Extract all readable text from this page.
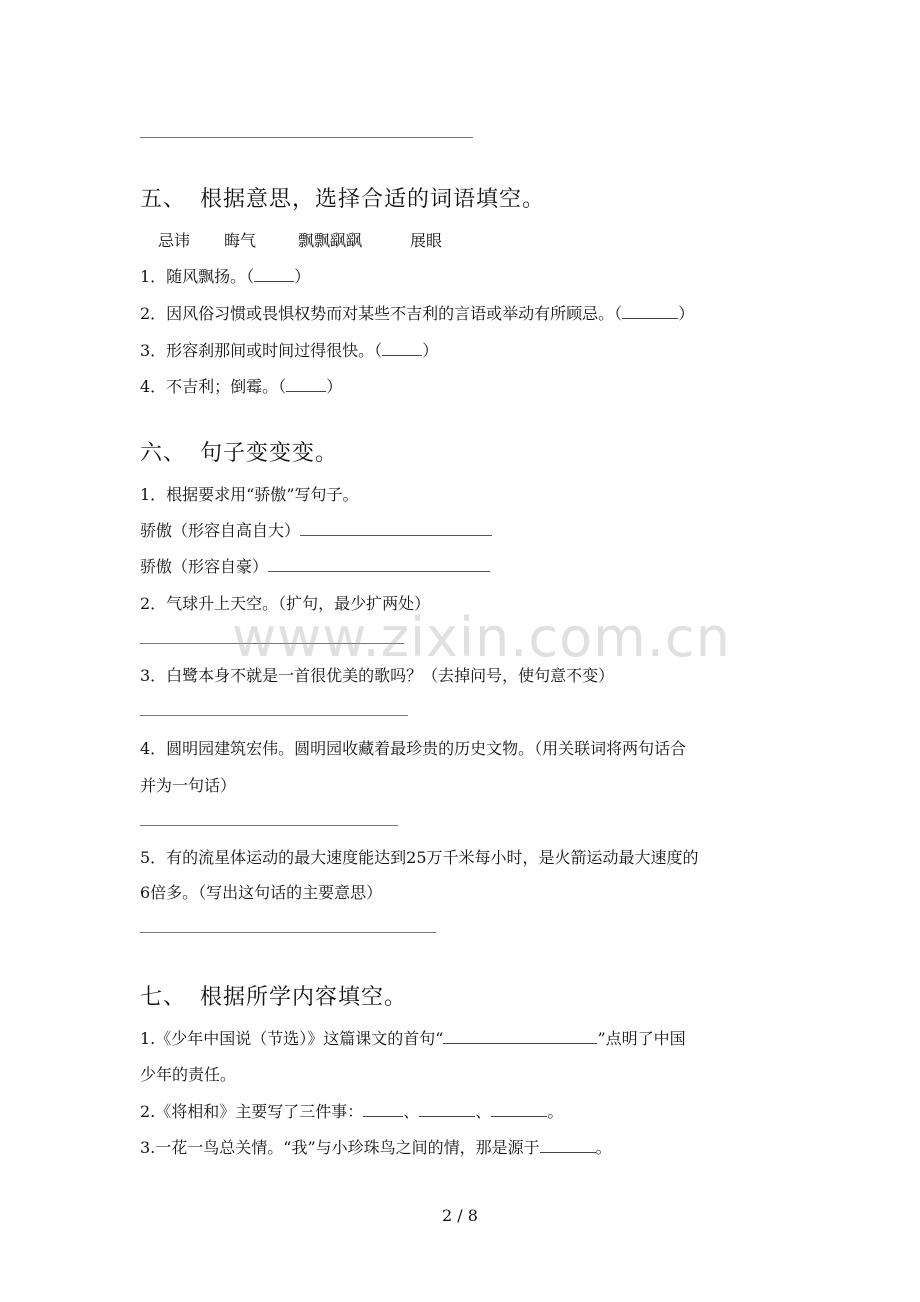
五、 根据意思，选择合适的词语填空。
忌讳 晦气	飘飘飖飖	展眼
1．随风飘扬。（	）
2．因风俗习惯或畏惧权势而对某些不吉利的言语或举动有所顾忌。（	）
3．形容刹那间或时间过得很快。（	）
4．不吉利；倒霉。（	）
六、 句子变变变。
1．根据要求用“骄傲”写句子。
骄傲（形容自高自大）
骄傲（形容自豪）
2．气球升上天空。（扩句，最少扩两处）
3．白鹭本身不就是一首很优美的歌吗？（去掉问号，使句意不变）
4．圆明园建筑宏伟。圆明园收藏着最珍贵的历史文物。（用关联词将两句话合
并为一句话）
5．有的流星体运动的最大速度能达到25万千米每小时，是火箭运动最大速度的
6倍多。（写出这句话的主要意思）
七、 根据所学内容填空。
1.《少年中国说（节选）》这篇课文的首句“	”点明了中国
少年的责任。
2.《将相和》主要写了三件事：	、	、	。
3.一花一鸟总关情。“我”与小珍珠鸟之间的情，那是源于	。
www.zixin.com.cn
2 / 8
